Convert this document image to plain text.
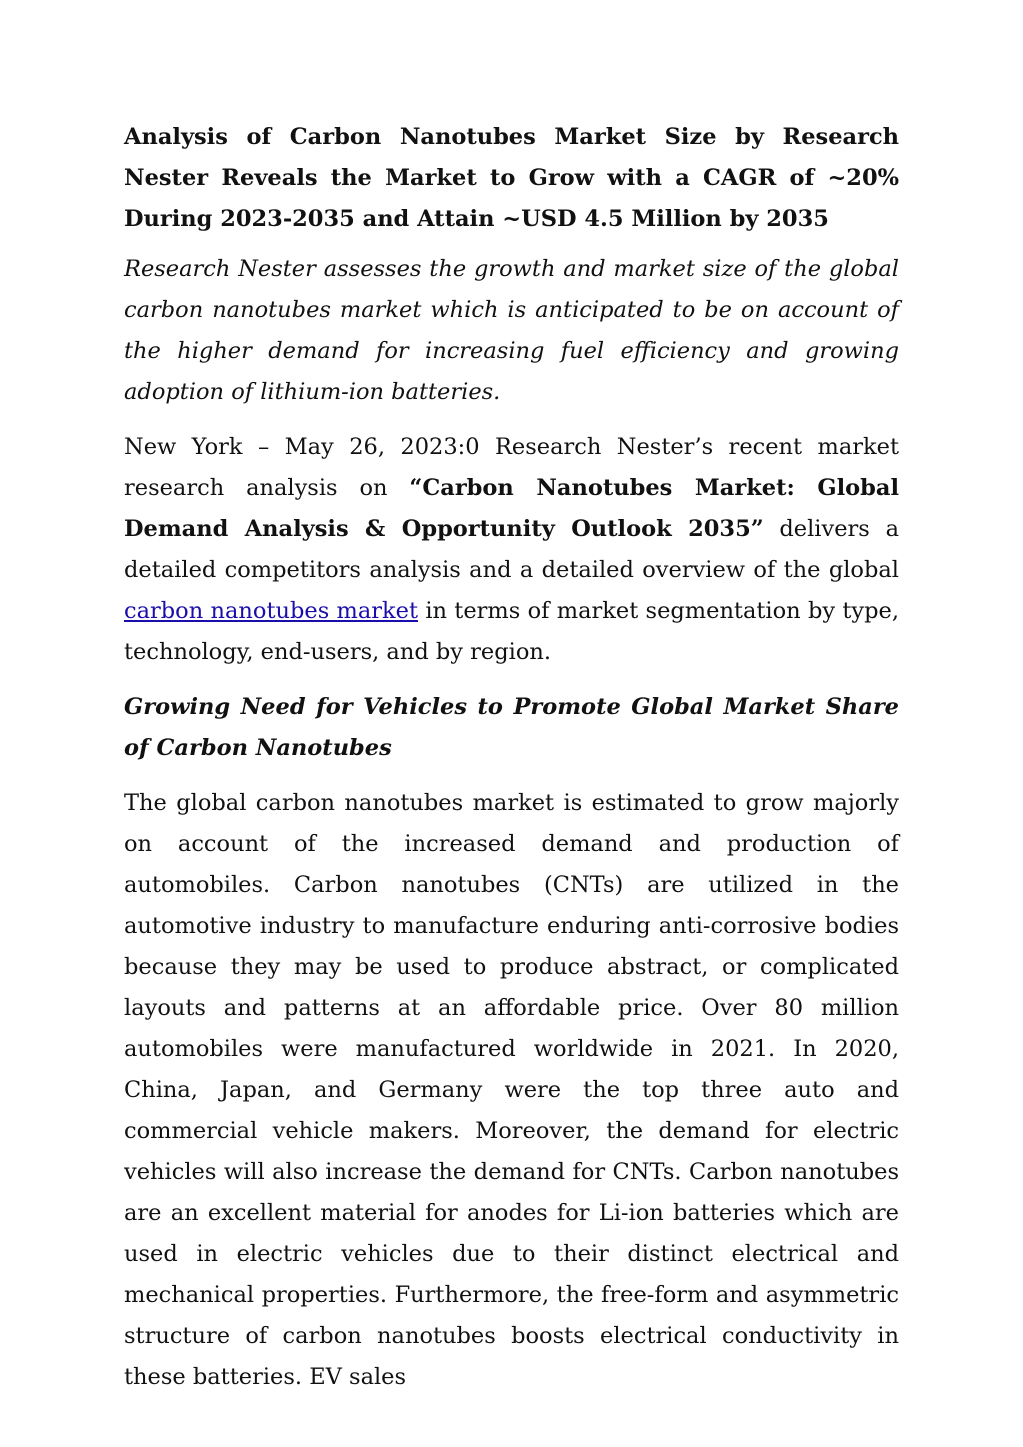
Analysis of Carbon Nanotubes Market Size by Research Nester Reveals the Market to Grow with a CAGR of ~20% During 2023-2035 and Attain ~USD 4.5 Million by 2035

Research Nester assesses the growth and market size of the global carbon nanotubes market which is anticipated to be on account of the higher demand for increasing fuel efficiency and growing adoption of lithium-ion batteries.

New York – May 26, 2023:0 Research Nester’s recent market research analysis on “Carbon Nanotubes Market: Global Demand Analysis & Opportunity Outlook 2035” delivers a detailed competitors analysis and a detailed overview of the global carbon nanotubes market in terms of market segmentation by type, technology, end-users, and by region.

Growing Need for Vehicles to Promote Global Market Share of Carbon Nanotubes

The global carbon nanotubes market is estimated to grow majorly on account of the increased demand and production of automobiles. Carbon nanotubes (CNTs) are utilized in the automotive industry to manufacture enduring anti-corrosive bodies because they may be used to produce abstract, or complicated layouts and patterns at an affordable price. Over 80 million automobiles were manufactured worldwide in 2021. In 2020, China, Japan, and Germany were the top three auto and commercial vehicle makers. Moreover, the demand for electric vehicles will also increase the demand for CNTs. Carbon nanotubes are an excellent material for anodes for Li-ion batteries which are used in electric vehicles due to their distinct electrical and mechanical properties. Furthermore, the free-form and asymmetric structure of carbon nanotubes boosts electrical conductivity in these batteries. EV sales
